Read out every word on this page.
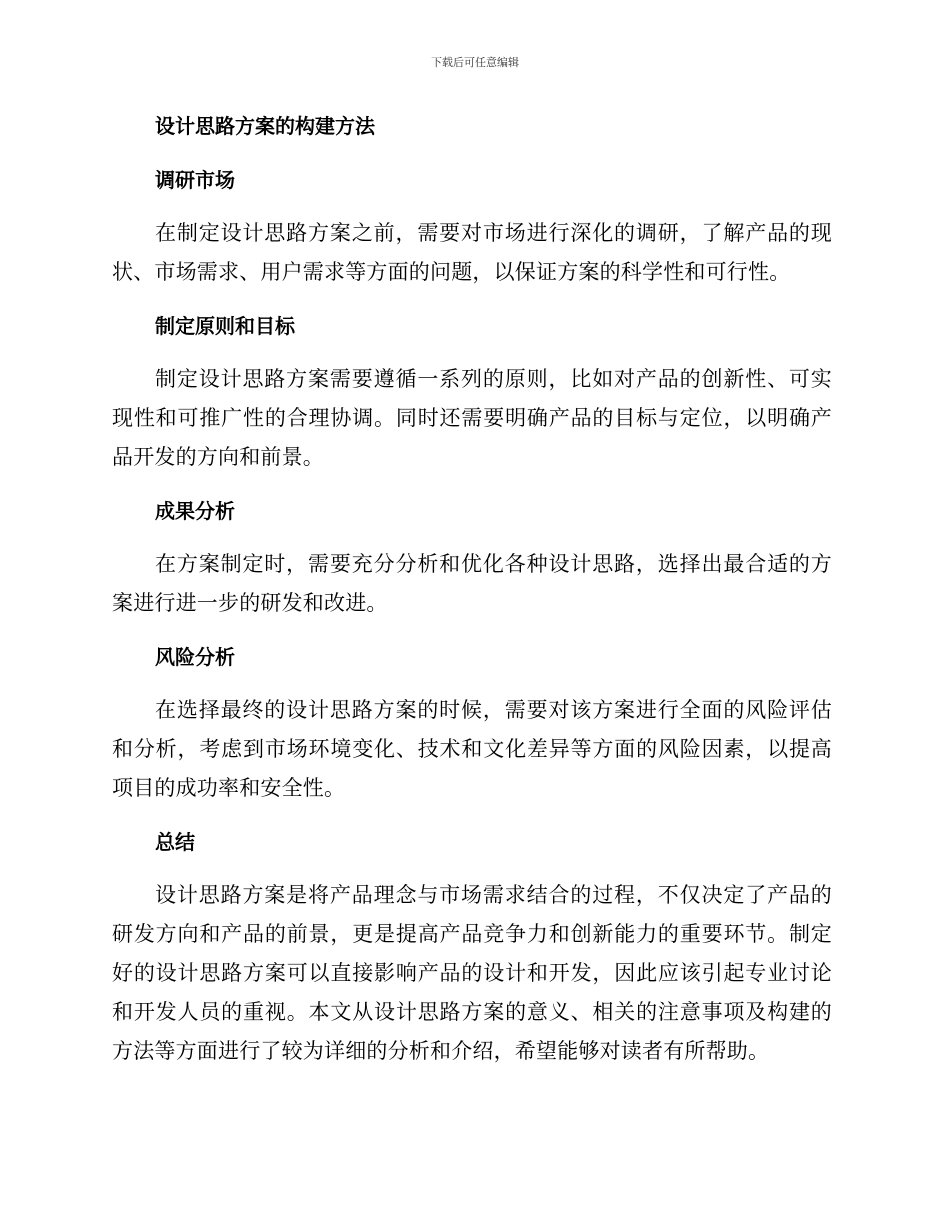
下载后可任意编辑
设计思路方案的构建方法
调研市场

在制定设计思路方案之前，需要对市场进行深化的调研，了解产品的现状、市场需求、用户需求等方面的问题，以保证方案的科学性和可行性。

制定原则和目标

制定设计思路方案需要遵循一系列的原则，比如对产品的创新性、可实现性和可推广性的合理协调。同时还需要明确产品的目标与定位，以明确产品开发的方向和前景。

成果分析

在方案制定时，需要充分分析和优化各种设计思路，选择出最合适的方案进行进一步的研发和改进。

风险分析

在选择最终的设计思路方案的时候，需要对该方案进行全面的风险评估和分析，考虑到市场环境变化、技术和文化差异等方面的风险因素，以提高项目的成功率和安全性。

总结

设计思路方案是将产品理念与市场需求结合的过程，不仅决定了产品的研发方向和产品的前景，更是提高产品竞争力和创新能力的重要环节。制定好的设计思路方案可以直接影响产品的设计和开发，因此应该引起专业讨论和开发人员的重视。本文从设计思路方案的意义、相关的注意事项及构建的方法等方面进行了较为详细的分析和介绍，希望能够对读者有所帮助。
